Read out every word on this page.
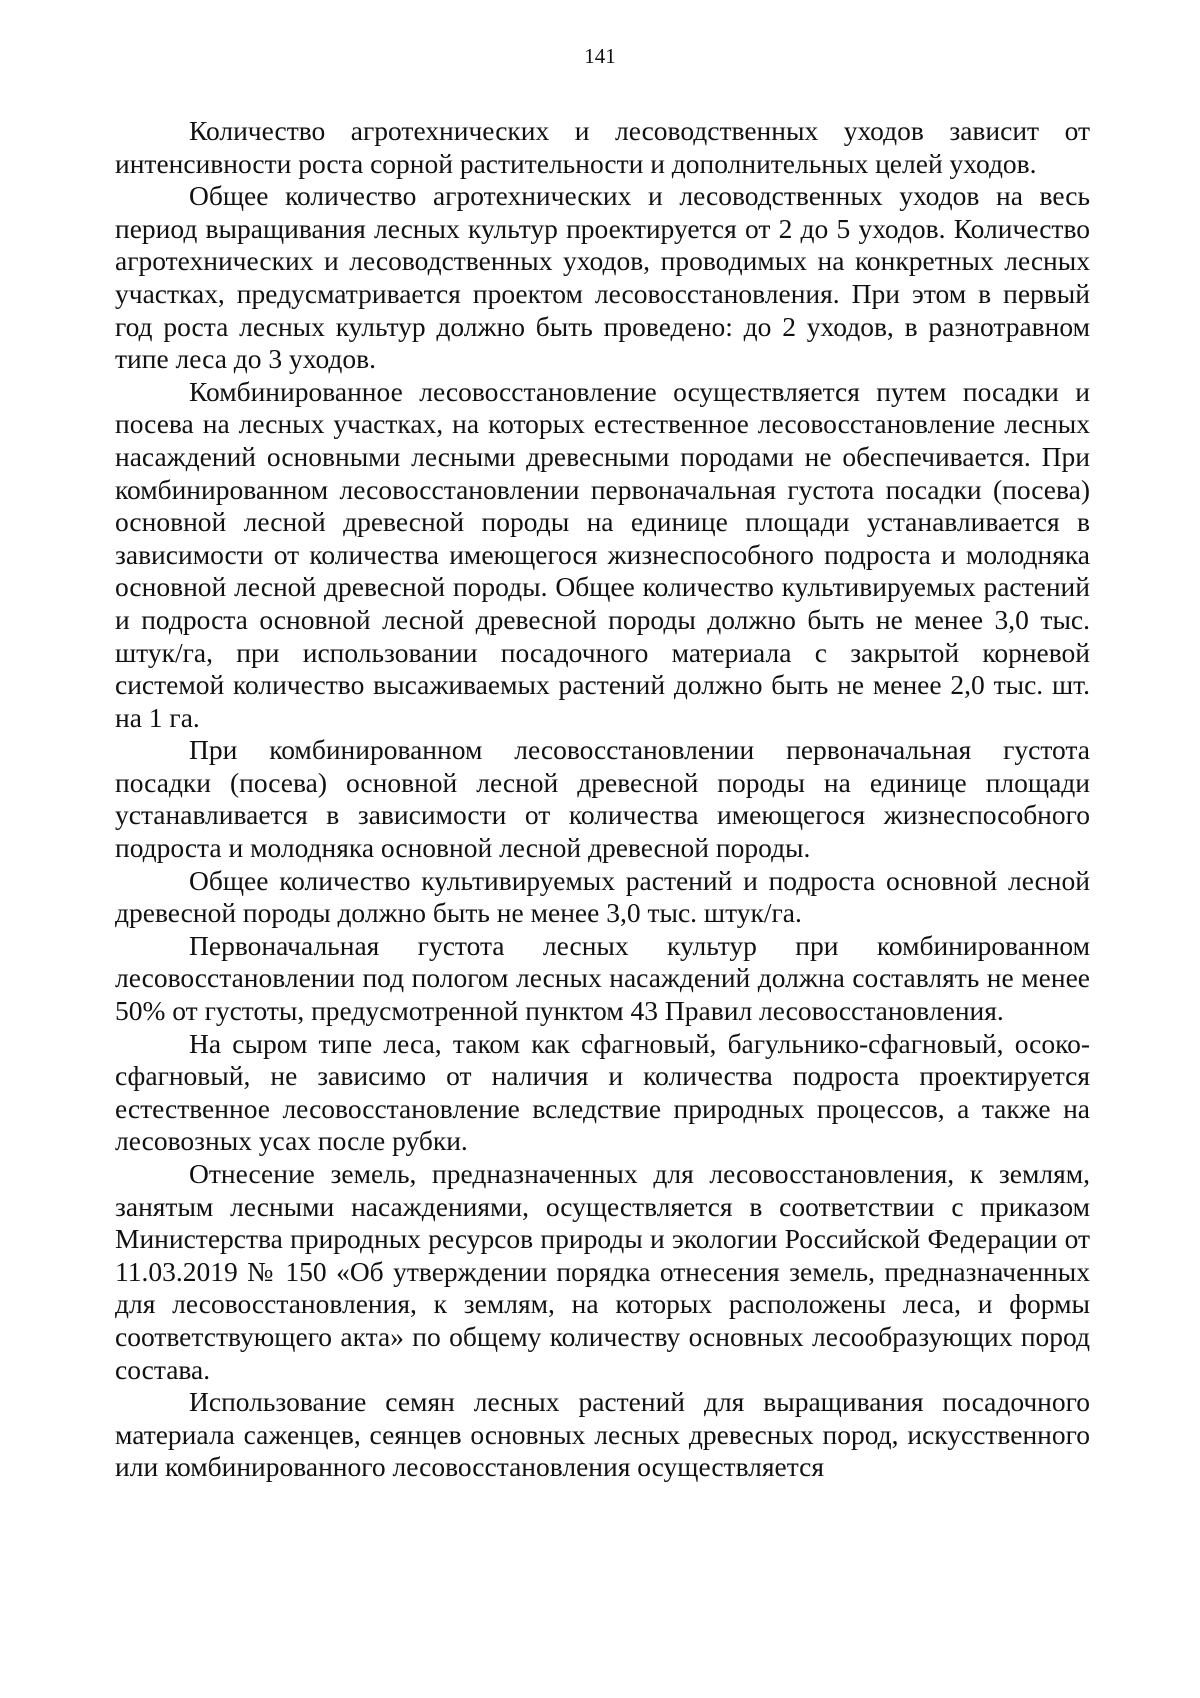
141

Количество агротехнических и лесоводственных уходов зависит от интенсивности роста сорной растительности и дополнительных целей уходов.

Общее количество агротехнических и лесоводственных уходов на весь период выращивания лесных культур проектируется от 2 до 5 уходов. Количество агротехнических и лесоводственных уходов, проводимых на конкретных лесных участках, предусматривается проектом лесовосстановления. При этом в первый год роста лесных культур должно быть проведено: до 2 уходов, в разнотравном типе леса до 3 уходов.

Комбинированное лесовосстановление осуществляется путем посадки и посева на лесных участках, на которых естественное лесовосстановление лесных насаждений основными лесными древесными породами не обеспечивается. При комбинированном лесовосстановлении первоначальная густота посадки (посева) основной лесной древесной породы на единице площади устанавливается в зависимости от количества имеющегося жизнеспособного подроста и молодняка основной лесной древесной породы. Общее количество культивируемых растений и подроста основной лесной древесной породы должно быть не менее 3,0 тыс. штук/га, при использовании посадочного материала с закрытой корневой системой количество высаживаемых растений должно быть не менее 2,0 тыс. шт. на 1 га.

При комбинированном лесовосстановлении первоначальная густота посадки (посева) основной лесной древесной породы на единице площади устанавливается в зависимости от количества имеющегося жизнеспособного подроста и молодняка основной лесной древесной породы.

Общее количество культивируемых растений и подроста основной лесной древесной породы должно быть не менее 3,0 тыс. штук/га.

Первоначальная густота лесных культур при комбинированном лесовосстановлении под пологом лесных насаждений должна составлять не менее 50% от густоты, предусмотренной пунктом 43 Правил лесовосстановления.

На сыром типе леса, таком как сфагновый, багульнико-сфагновый, осоко-сфагновый, не зависимо от наличия и количества подроста проектируется естественное лесовосстановление вследствие природных процессов, а также на лесовозных усах после рубки.

Отнесение земель, предназначенных для лесовосстановления, к землям, занятым лесными насаждениями, осуществляется в соответствии с приказом Министерства природных ресурсов природы и экологии Российской Федерации от 11.03.2019 № 150 «Об утверждении порядка отнесения земель, предназначенных для лесовосстановления, к землям, на которых расположены леса, и формы соответствующего акта» по общему количеству основных лесообразующих пород состава.

Использование семян лесных растений для выращивания посадочного материала саженцев, сеянцев основных лесных древесных пород, искусственного или комбинированного лесовосстановления осуществляется
